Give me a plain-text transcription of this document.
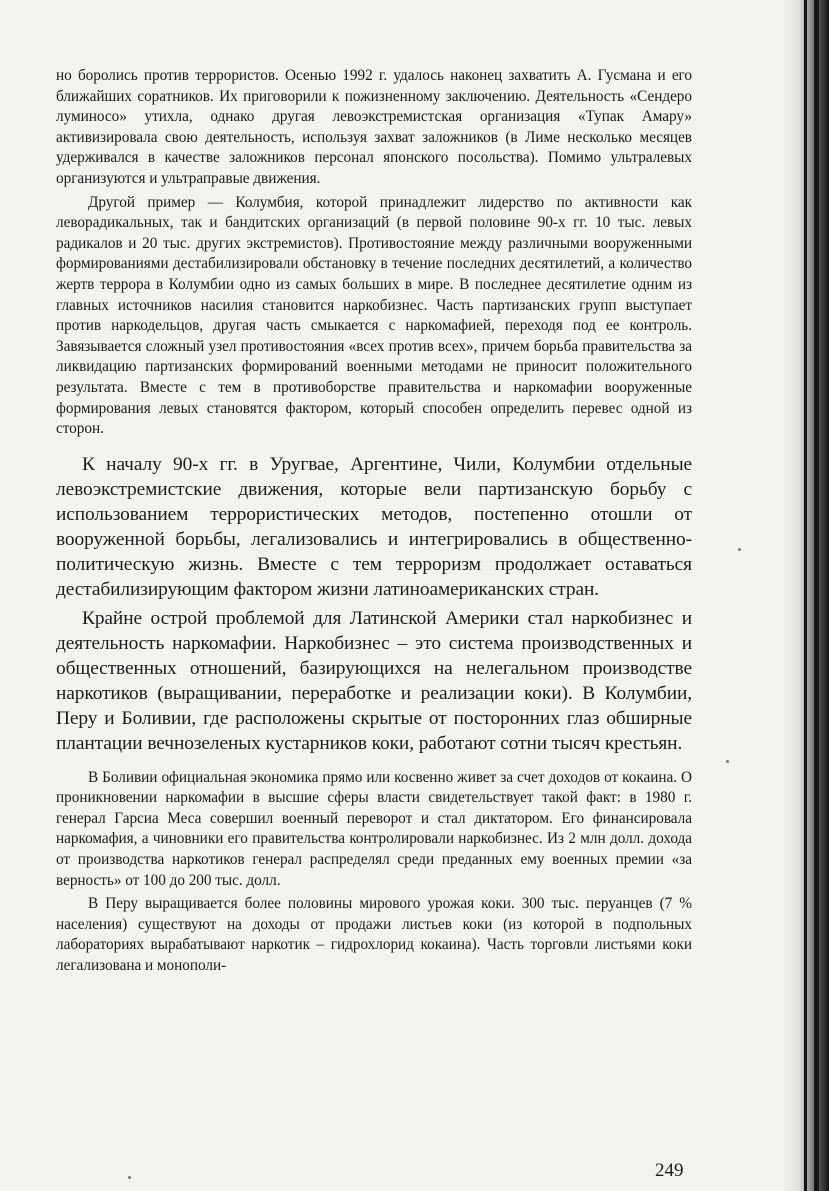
но боролись против террористов. Осенью 1992 г. удалось наконец захватить А. Гусмана и его ближайших соратников. Их приговорили к пожизненному заключению. Деятельность «Сендеро луминосо» утихла, однако другая левоэкстремистская организация «Тупак Амару» активизировала свою деятельность, используя захват заложников (в Лиме несколько месяцев удерживался в качестве заложников персонал японского посольства). Помимо ультралевых организуются и ультраправые движения.

Другой пример — Колумбия, которой принадлежит лидерство по активности как леворадикальных, так и бандитских организаций (в первой половине 90-х гг. 10 тыс. левых радикалов и 20 тыс. других экстремистов). Противостояние между различными вооруженными формированиями дестабилизировали обстановку в течение последних десятилетий, а количество жертв террора в Колумбии одно из самых больших в мире. В последнее десятилетие одним из главных источников насилия становится наркобизнес. Часть партизанских групп выступает против наркодельцов, другая часть смыкается с наркомафией, переходя под ее контроль. Завязывается сложный узел противостояния «всех против всех», причем борьба правительства за ликвидацию партизанских формирований военными методами не приносит положительного результата. Вместе с тем в противоборстве правительства и наркомафии вооруженные формирования левых становятся фактором, который способен определить перевес одной из сторон.

К началу 90-х гг. в Уругвае, Аргентине, Чили, Колумбии отдельные левоэкстремистские движения, которые вели партизанскую борьбу с использованием террористических методов, постепенно отошли от вооруженной борьбы, легализовались и интегрировались в общественно-политическую жизнь. Вместе с тем терроризм продолжает оставаться дестабилизирующим фактором жизни латиноамериканских стран.

Крайне острой проблемой для Латинской Америки стал наркобизнес и деятельность наркомафии. Наркобизнес – это система производственных и общественных отношений, базирующихся на нелегальном производстве наркотиков (выращивании, переработке и реализации коки). В Колумбии, Перу и Боливии, где расположены скрытые от посторонних глаз обширные плантации вечнозеленых кустарников коки, работают сотни тысяч крестьян.

В Боливии официальная экономика прямо или косвенно живет за счет доходов от кокаина. О проникновении наркомафии в высшие сферы власти свидетельствует такой факт: в 1980 г. генерал Гарсиа Меса совершил военный переворот и стал диктатором. Его финансировала наркомафия, а чиновники его правительства контролировали наркобизнес. Из 2 млн долл. дохода от производства наркотиков генерал распределял среди преданных ему военных премии «за верность» от 100 до 200 тыс. долл.

В Перу выращивается более половины мирового урожая коки. 300 тыс. перуанцев (7 % населения) существуют на доходы от продажи листьев коки (из которой в подпольных лабораториях вырабатывают наркотик – гидрохлорид кокаина). Часть торговли листьями коки легализована и монополи-

249
